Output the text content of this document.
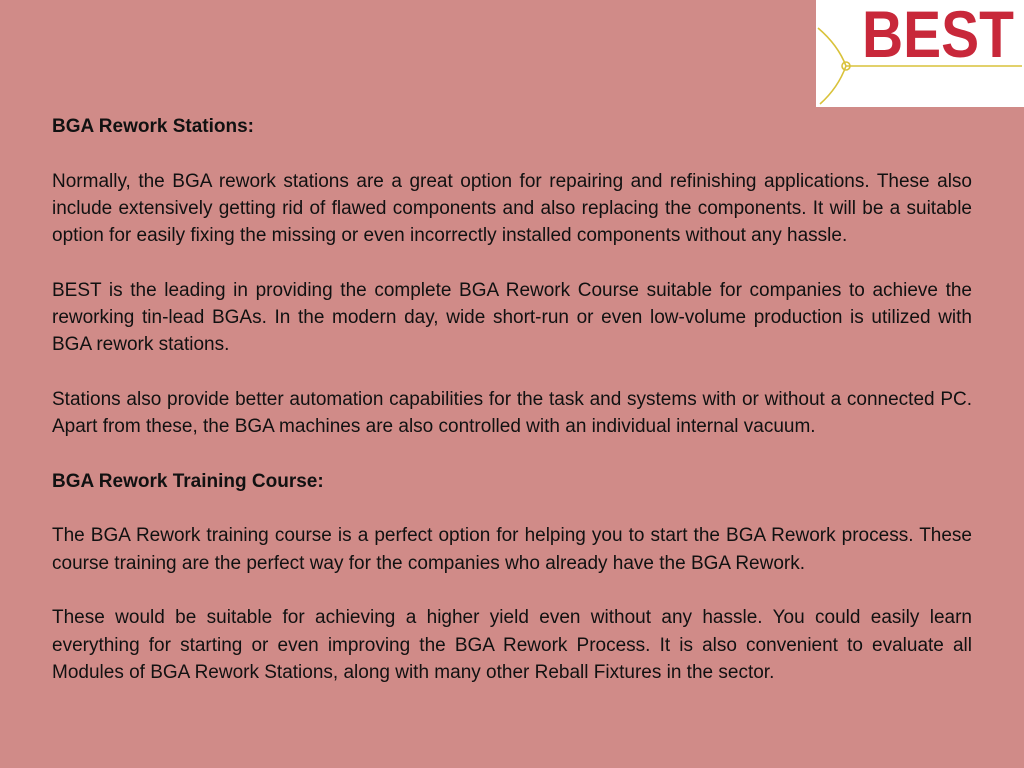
BEST

BGA Rework Stations:

Normally, the BGA rework stations are a great option for repairing and refinishing applications. These also include extensively getting rid of flawed components and also replacing the components. It will be a suitable option for easily fixing the missing or even incorrectly installed components without any hassle.

BEST is the leading in providing the complete BGA Rework Course suitable for companies to achieve the reworking tin-lead BGAs. In the modern day, wide short-run or even low-volume production is utilized with BGA rework stations.

Stations also provide better automation capabilities for the task and systems with or without a connected PC. Apart from these, the BGA machines are also controlled with an individual internal vacuum.

BGA Rework Training Course:

The BGA Rework training course is a perfect option for helping you to start the BGA Rework process. These course training are the perfect way for the companies who already have the BGA Rework.

These would be suitable for achieving a higher yield even without any hassle. You could easily learn everything for starting or even improving the BGA Rework Process. It is also convenient to evaluate all Modules of BGA Rework Stations, along with many other Reball Fixtures in the sector.
